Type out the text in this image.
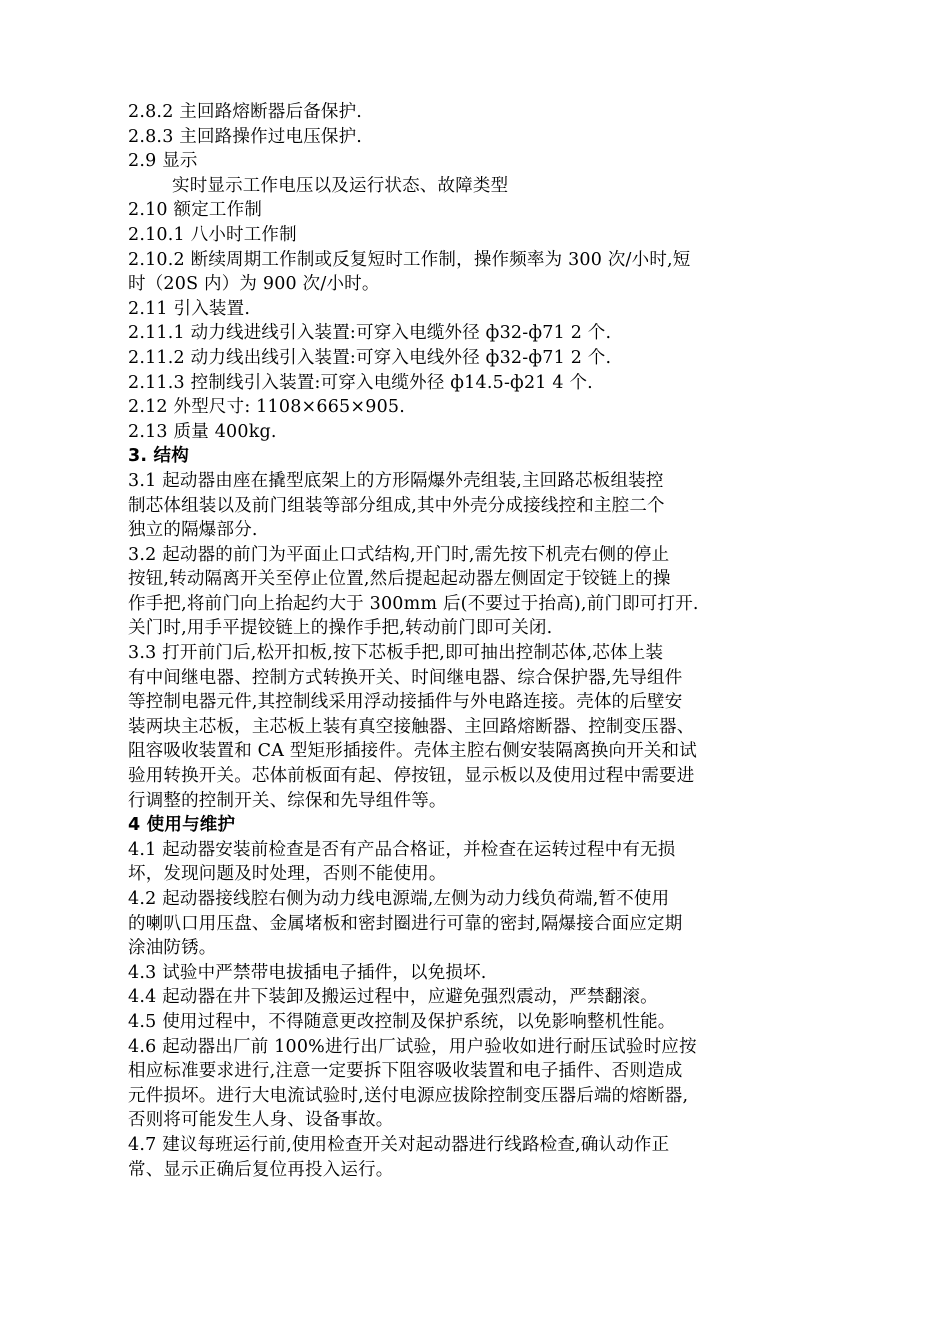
2.8.2 主回路熔断器后备保护.
2.8.3 主回路操作过电压保护.
2.9 显示
实时显示工作电压以及运行状态、故障类型
2.10 额定工作制
2.10.1 八小时工作制
2.10.2 断续周期工作制或反复短时工作制，操作频率为 300 次/小时,短
时（20S 内）为 900 次/小时。
2.11 引入装置.
2.11.1 动力线进线引入装置:可穿入电缆外径 ф32-ф71 2 个.
2.11.2 动力线出线引入装置:可穿入电线外径 ф32-ф71 2 个.
2.11.3 控制线引入装置:可穿入电缆外径 ф14.5-ф21 4 个.
2.12 外型尺寸: 1108×665×905.
2.13 质量 400kg.
3. 结构
3.1 起动器由座在撬型底架上的方形隔爆外壳组装,主回路芯板组装控
制芯体组装以及前门组装等部分组成,其中外壳分成接线控和主腔二个
独立的隔爆部分.
3.2 起动器的前门为平面止口式结构,开门时,需先按下机壳右侧的停止
按钮,转动隔离开关至停止位置,然后提起起动器左侧固定于铰链上的操
作手把,将前门向上抬起约大于 300mm 后(不要过于抬高),前门即可打开.
关门时,用手平提铰链上的操作手把,转动前门即可关闭.
3.3 打开前门后,松开扣板,按下芯板手把,即可抽出控制芯体,芯体上装
有中间继电器、控制方式转换开关、时间继电器、综合保护器,先导组件
等控制电器元件,其控制线采用浮动接插件与外电路连接。壳体的后壁安
装两块主芯板，主芯板上装有真空接触器、主回路熔断器、控制变压器、
阻容吸收装置和 CA 型矩形插接件。壳体主腔右侧安装隔离换向开关和试
验用转换开关。芯体前板面有起、停按钮，显示板以及使用过程中需要进
行调整的控制开关、综保和先导组件等。
4 使用与维护
4.1 起动器安装前检查是否有产品合格证，并检查在运转过程中有无损
坏，发现问题及时处理，否则不能使用。
4.2 起动器接线腔右侧为动力线电源端,左侧为动力线负荷端,暂不使用
的喇叭口用压盘、金属堵板和密封圈进行可靠的密封,隔爆接合面应定期
涂油防锈。
4.3 试验中严禁带电拔插电子插件，以免损坏.
4.4 起动器在井下装卸及搬运过程中，应避免强烈震动，严禁翻滚。
4.5 使用过程中，不得随意更改控制及保护系统，以免影响整机性能。
4.6 起动器出厂前 100%进行出厂试验，用户验收如进行耐压试验时应按
相应标准要求进行,注意一定要拆下阻容吸收装置和电子插件、否则造成
元件损坏。进行大电流试验时,送付电源应拔除控制变压器后端的熔断器,
否则将可能发生人身、设备事故。
4.7 建议每班运行前,使用检查开关对起动器进行线路检查,确认动作正
常、显示正确后复位再投入运行。
